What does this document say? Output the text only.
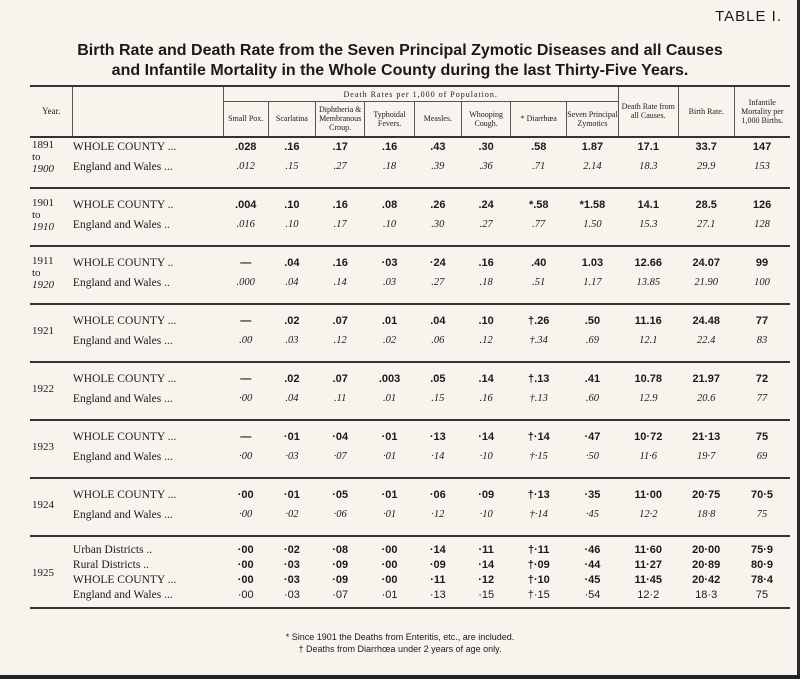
TABLE I.
Birth Rate and Death Rate from the Seven Principal Zymotic Diseases and all Causes
and Infantile Mortality in the Whole County during the last Thirty-Five Years.
Year.		Death Rates per 1,000 of Population.								Death Rate from all Causes.	Birth Rate.	Infantile Mortality per 1,000 Births.
		Small Pox.	Scarlatina	Diphtheria & Membranous Croup.	Typhoidal Fevers.	Measles.	Whooping Cough.	* Diarrhœa	Seven Principal Zymotics			

1891
to
1900	WHOLE COUNTY ...	.028	.16	.17	.16	.43	.30	.58	1.87	17.1	33.7	147
	England and Wales ...	.012	.15	.27	.18	.39	.36	.71	2.14	18.3	29.9	153

1901
to
1910	WHOLE COUNTY ..	.004	.10	.16	.08	.26	.24	*.58	*1.58	14.1	28.5	126
	England and Wales ..	.016	.10	.17	.10	.30	.27	.77	1.50	15.3	27.1	128

1911
to
1920	WHOLE COUNTY ..	—	.04	.16	·03	·24	.16	.40	1.03	12.66	24.07	99
	England and Wales ..	.000	.04	.14	.03	.27	.18	.51	1.17	13.85	21.90	100

1921	WHOLE COUNTY ...	—	.02	.07	.01	.04	.10	†.26	.50	11.16	24.48	77
	England and Wales ...	.00	.03	.12	.02	.06	.12	†.34	.69	12.1	22.4	83

1922	WHOLE COUNTY ...	—	.02	.07	.003	.05	.14	†.13	.41	10.78	21.97	72
	England and Wales ...	·00	.04	.11	.01	.15	.16	†.13	.60	12.9	20.6	77

1923	WHOLE COUNTY ...	—	·01	·04	·01	·13	·14	†·14	·47	10·72	21·13	75
	England and Wales ...	·00	·03	·07	·01	·14	·10	†·15	·50	11·6	19·7	69

1924	WHOLE COUNTY ...	·00	·01	·05	·01	·06	·09	†·13	·35	11·00	20·75	70·5
	England and Wales ...	·00	·02	·06	·01	·12	·10	†·14	·45	12·2	18·8	75

1925	Urban Districts ..	·00	·02	·08	·00	·14	·11	†·11	·46	11·60	20·00	75·9
	Rural Districts ..	·00	·03	·09	·00	·09	·14	†·09	·44	11·27	20·89	80·9
	WHOLE COUNTY ...	·00	·03	·09	·00	·11	·12	†·10	·45	11·45	20·42	78·4
	England and Wales ...	·00	·03	·07	·01	·13	·15	†·15	·54	12·2	18·3	75

* Since 1901 the Deaths from Enteritis, etc., are included.
† Deaths from Diarrhœa under 2 years of age only.
